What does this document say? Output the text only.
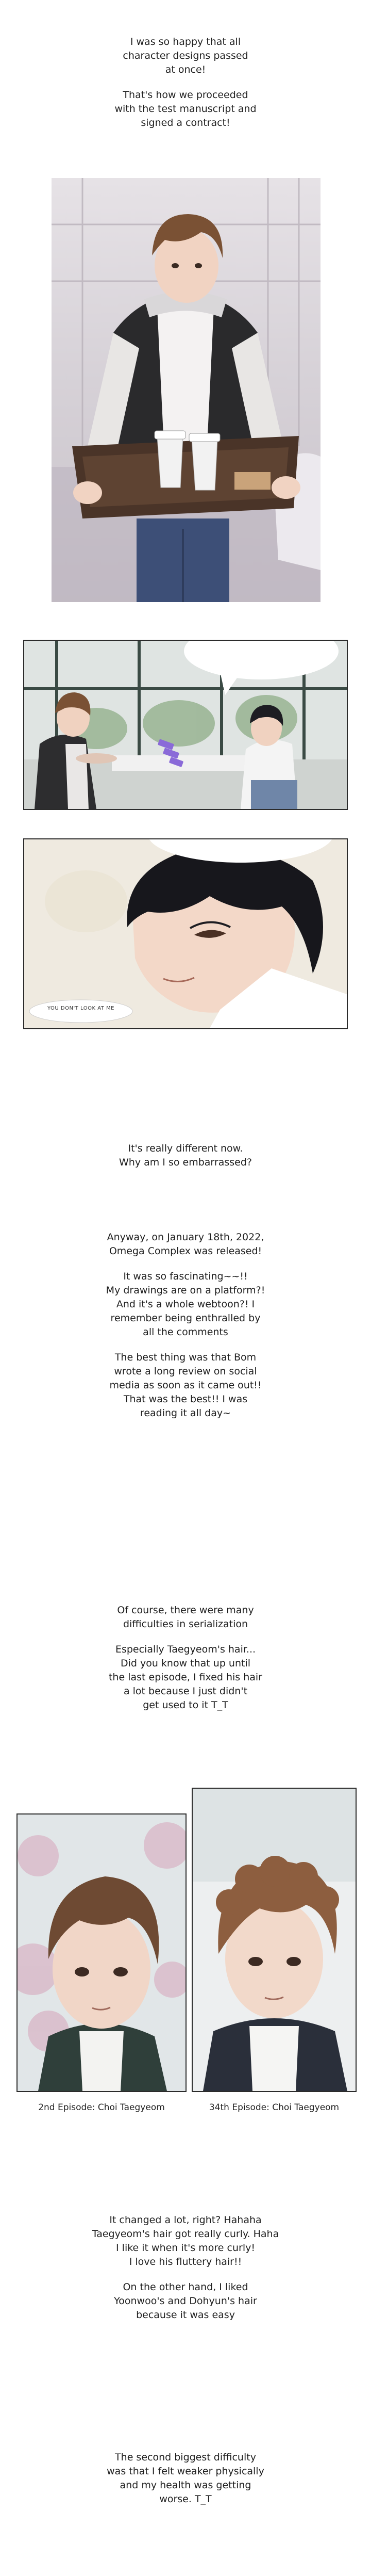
I was so happy that all
character designs passed
at once!

That's how we proceeded
with the test manuscript and
signed a contract!

YOU DON'T LOOK AT ME

It's really different now.
Why am I so embarrassed?

Anyway, on January 18th, 2022,
Omega Complex was released!

It was so fascinating~~!!
My drawings are on a platform?!
And it's a whole webtoon?! I
remember being enthralled by
all the comments

The best thing was that Bom
wrote a long review on social
media as soon as it came out!!
That was the best!! I was
reading it all day~

Of course, there were many
difficulties in serialization

Especially Taegyeom's hair...
Did you know that up until
the last episode, I fixed his hair
a lot because I just didn't
get used to it T_T

2nd Episode: Choi Taegyeom	34th Episode: Choi Taegyeom

It changed a lot, right? Hahaha
Taegyeom's hair got really curly. Haha
I like it when it's more curly!
I love his fluttery hair!!

On the other hand, I liked
Yoonwoo's and Dohyun's hair
because it was easy

The second biggest difficulty
was that I felt weaker physically
and my health was getting
worse. T_T
